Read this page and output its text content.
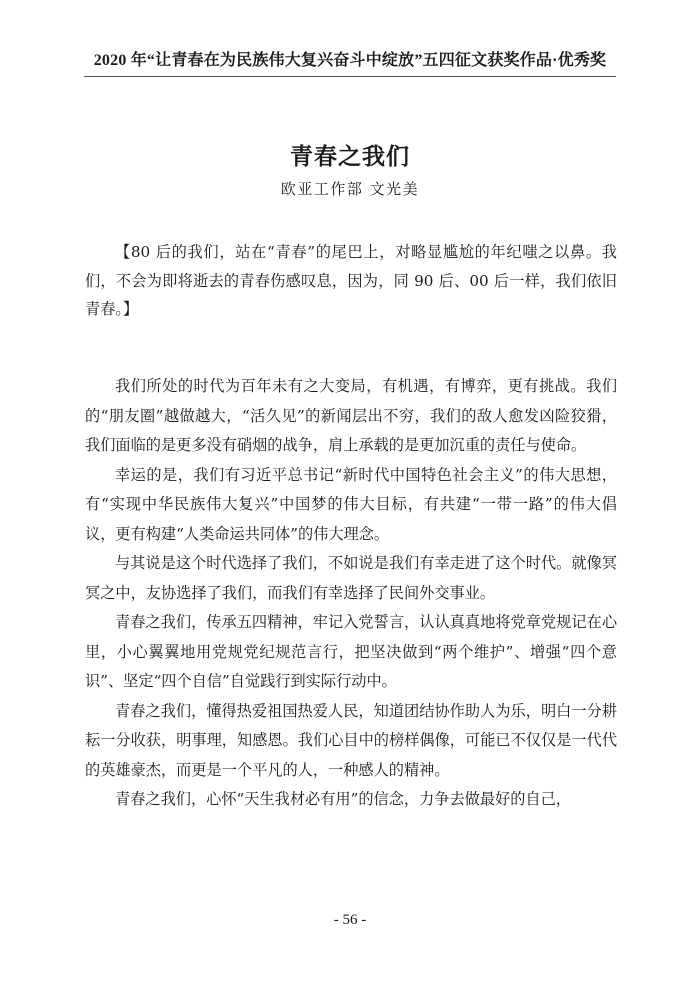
2020 年“让青春在为民族伟大复兴奋斗中绽放”五四征文获奖作品·优秀奖
青春之我们
欧亚工作部 文光美
【80 后的我们，站在“青春”的尾巴上，对略显尴尬的年纪嗤之以鼻。我们，不会为即将逝去的青春伤感叹息，因为，同 90 后、00 后一样，我们依旧青春。】

我们所处的时代为百年未有之大变局，有机遇，有博弈，更有挑战。我们的“朋友圈”越做越大，“活久见”的新闻层出不穷，我们的敌人愈发凶险狡猾，我们面临的是更多没有硝烟的战争，肩上承载的是更加沉重的责任与使命。

幸运的是，我们有习近平总书记“新时代中国特色社会主义”的伟大思想，有“实现中华民族伟大复兴”中国梦的伟大目标，有共建“一带一路”的伟大倡议，更有构建“人类命运共同体”的伟大理念。

与其说是这个时代选择了我们，不如说是我们有幸走进了这个时代。就像冥冥之中，友协选择了我们，而我们有幸选择了民间外交事业。

青春之我们，传承五四精神，牢记入党誓言，认认真真地将党章党规记在心里，小心翼翼地用党规党纪规范言行，把坚决做到“两个维护”、增强“四个意识”、坚定“四个自信”自觉践行到实际行动中。

青春之我们，懂得热爱祖国热爱人民，知道团结协作助人为乐，明白一分耕耘一分收获，明事理，知感恩。我们心目中的榜样偶像，可能已不仅仅是一代代的英雄豪杰，而更是一个平凡的人，一种感人的精神。

青春之我们，心怀“天生我材必有用”的信念，力争去做最好的自己，

- 56 -
